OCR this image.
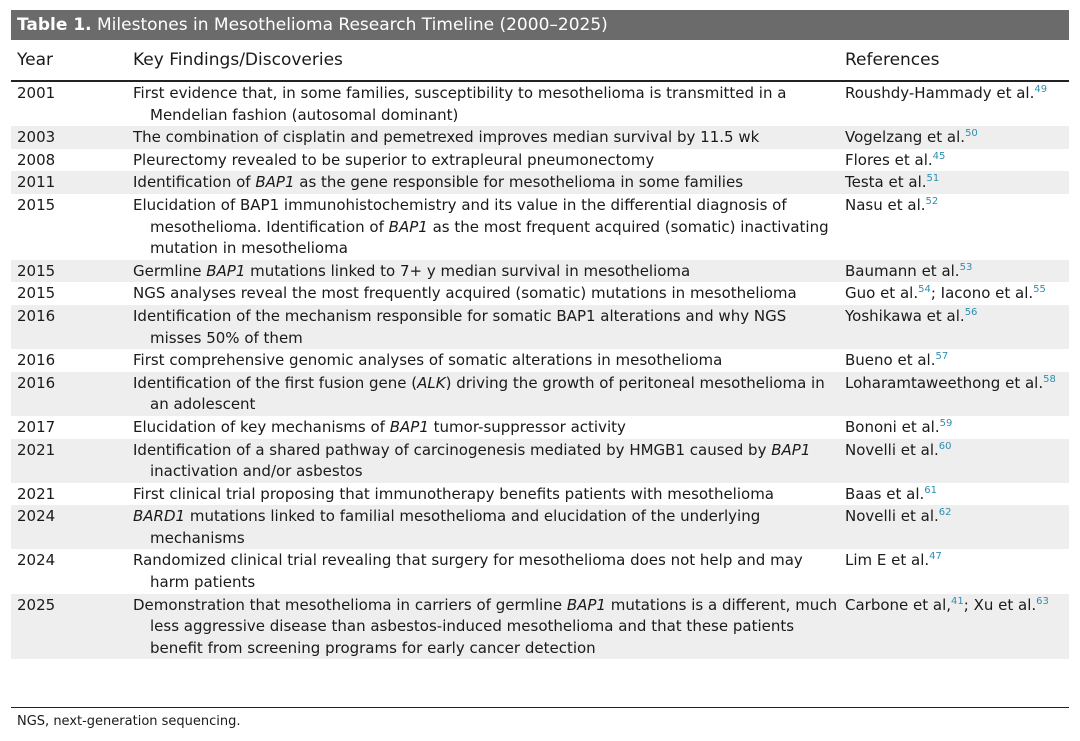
Table 1. Milestones in Mesothelioma Research Timeline (2000–2025)
Year	Key Findings/Discoveries	References
2001	First evidence that, in some families, susceptibility to mesothelioma is transmitted in a Mendelian fashion (autosomal dominant)	Roushdy-Hammady et al.$^{49}$
2003	The combination of cisplatin and pemetrexed improves median survival by 11.5 wk	Vogelzang et al.$^{50}$
2008	Pleurectomy revealed to be superior to extrapleural pneumonectomy	Flores et al.$^{45}$
2011	Identification of BAP1 as the gene responsible for mesothelioma in some families	Testa et al.$^{51}$
2015	Elucidation of BAP1 immunohistochemistry and its value in the differential diagnosis of mesothelioma. Identification of BAP1 as the most frequent acquired (somatic) inactivating mutation in mesothelioma	Nasu et al.$^{52}$
2015	Germline BAP1 mutations linked to 7+ y median survival in mesothelioma	Baumann et al.$^{53}$
2015	NGS analyses reveal the most frequently acquired (somatic) mutations in mesothelioma	Guo et al.$^{54}$; Iacono et al.$^{55}$
2016	Identification of the mechanism responsible for somatic BAP1 alterations and why NGS misses 50% of them	Yoshikawa et al.$^{56}$
2016	First comprehensive genomic analyses of somatic alterations in mesothelioma	Bueno et al.$^{57}$
2016	Identification of the first fusion gene (ALK) driving the growth of peritoneal mesothelioma in an adolescent	Loharamtaweethong et al.$^{58}$
2017	Elucidation of key mechanisms of BAP1 tumor-suppressor activity	Bononi et al.$^{59}$
2021	Identification of a shared pathway of carcinogenesis mediated by HMGB1 caused by BAP1 inactivation and/or asbestos	Novelli et al.$^{60}$
2021	First clinical trial proposing that immunotherapy benefits patients with mesothelioma	Baas et al.$^{61}$
2024	BARD1 mutations linked to familial mesothelioma and elucidation of the underlying mechanisms	Novelli et al.$^{62}$
2024	Randomized clinical trial revealing that surgery for mesothelioma does not help and may harm patients	Lim E et al.$^{47}$
2025	Demonstration that mesothelioma in carriers of germline BAP1 mutations is a different, much less aggressive disease than asbestos-induced mesothelioma and that these patients benefit from screening programs for early cancer detection	Carbone et al,$^{41}$; Xu et al.$^{63}$
NGS, next-generation sequencing.
